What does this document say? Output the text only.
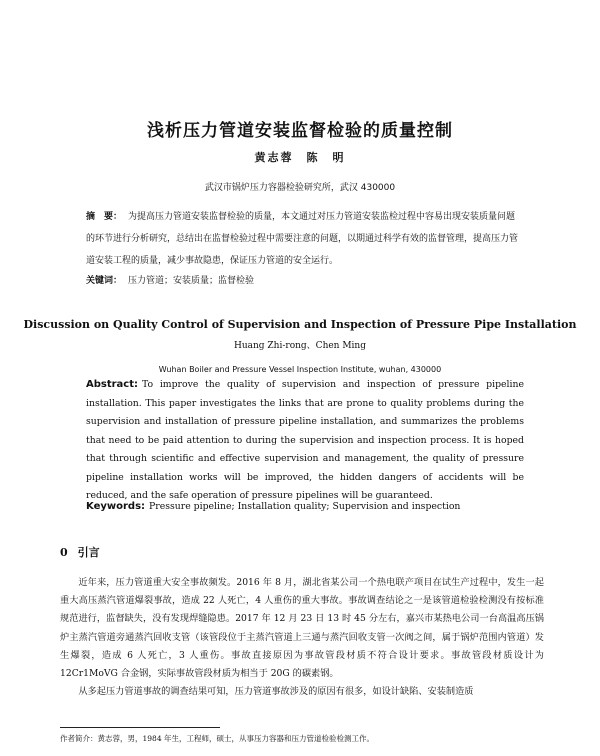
浅析压力管道安装监督检验的质量控制
黄志蓉　陈　明
武汉市锅炉压力容器检验研究所，武汉 430000
摘　要： 为提高压力管道安装监督检验的质量，本文通过对压力管道安装监检过程中容易出现安装质量问题的环节进行分析研究，总结出在监督检验过程中需要注意的问题，以期通过科学有效的监督管理，提高压力管道安装工程的质量，减少事故隐患，保证压力管道的安全运行。
关键词： 压力管道；安装质量；监督检验
Discussion on Quality Control of Supervision and Inspection of Pressure Pipe Installation
Huang Zhi-rong、Chen Ming
Wuhan Boiler and Pressure Vessel Inspection Institute, wuhan, 430000
Abstract: To improve the quality of supervision and inspection of pressure pipeline installation. This paper investigates the links that are prone to quality problems during the supervision and installation of pressure pipeline installation, and summarizes the problems that need to be paid attention to during the supervision and inspection process. It is hoped that through scientific and effective supervision and management, the quality of pressure pipeline installation works will be improved, the hidden dangers of accidents will be reduced, and the safe operation of pressure pipelines will be guaranteed.
Keywords: Pressure pipeline; Installation quality; Supervision and inspection
0 引言

近年来，压力管道重大安全事故频发。2016 年 8 月，湖北省某公司一个热电联产项目在试生产过程中，发生一起重大高压蒸汽管道爆裂事故，造成 22 人死亡，4 人重伤的重大事故。事故调查结论之一是该管道检验检测没有按标准规范进行，监督缺失，没有发现焊缝隐患。2017 年 12 月 23 日 13 时 45 分左右，嘉兴市某热电公司一台高温高压锅炉主蒸汽管道旁通蒸汽回收支管（该管段位于主蒸汽管道上三通与蒸汽回收支管一次阀之间，属于锅炉范围内管道）发生爆裂，造成 6 人死亡，3 人重伤。事故直接原因为事故管段材质不符合设计要求。事故管段材质设计为 12Cr1MoVG 合金钢，实际事故管段材质为相当于 20G 的碳素钢。

从多起压力管道事故的调查结果可知，压力管道事故涉及的原因有很多，如设计缺陷、安装制造质

作者简介：黄志蓉，男，1984 年生，工程师，硕士，从事压力容器和压力管道检验检测工作。
